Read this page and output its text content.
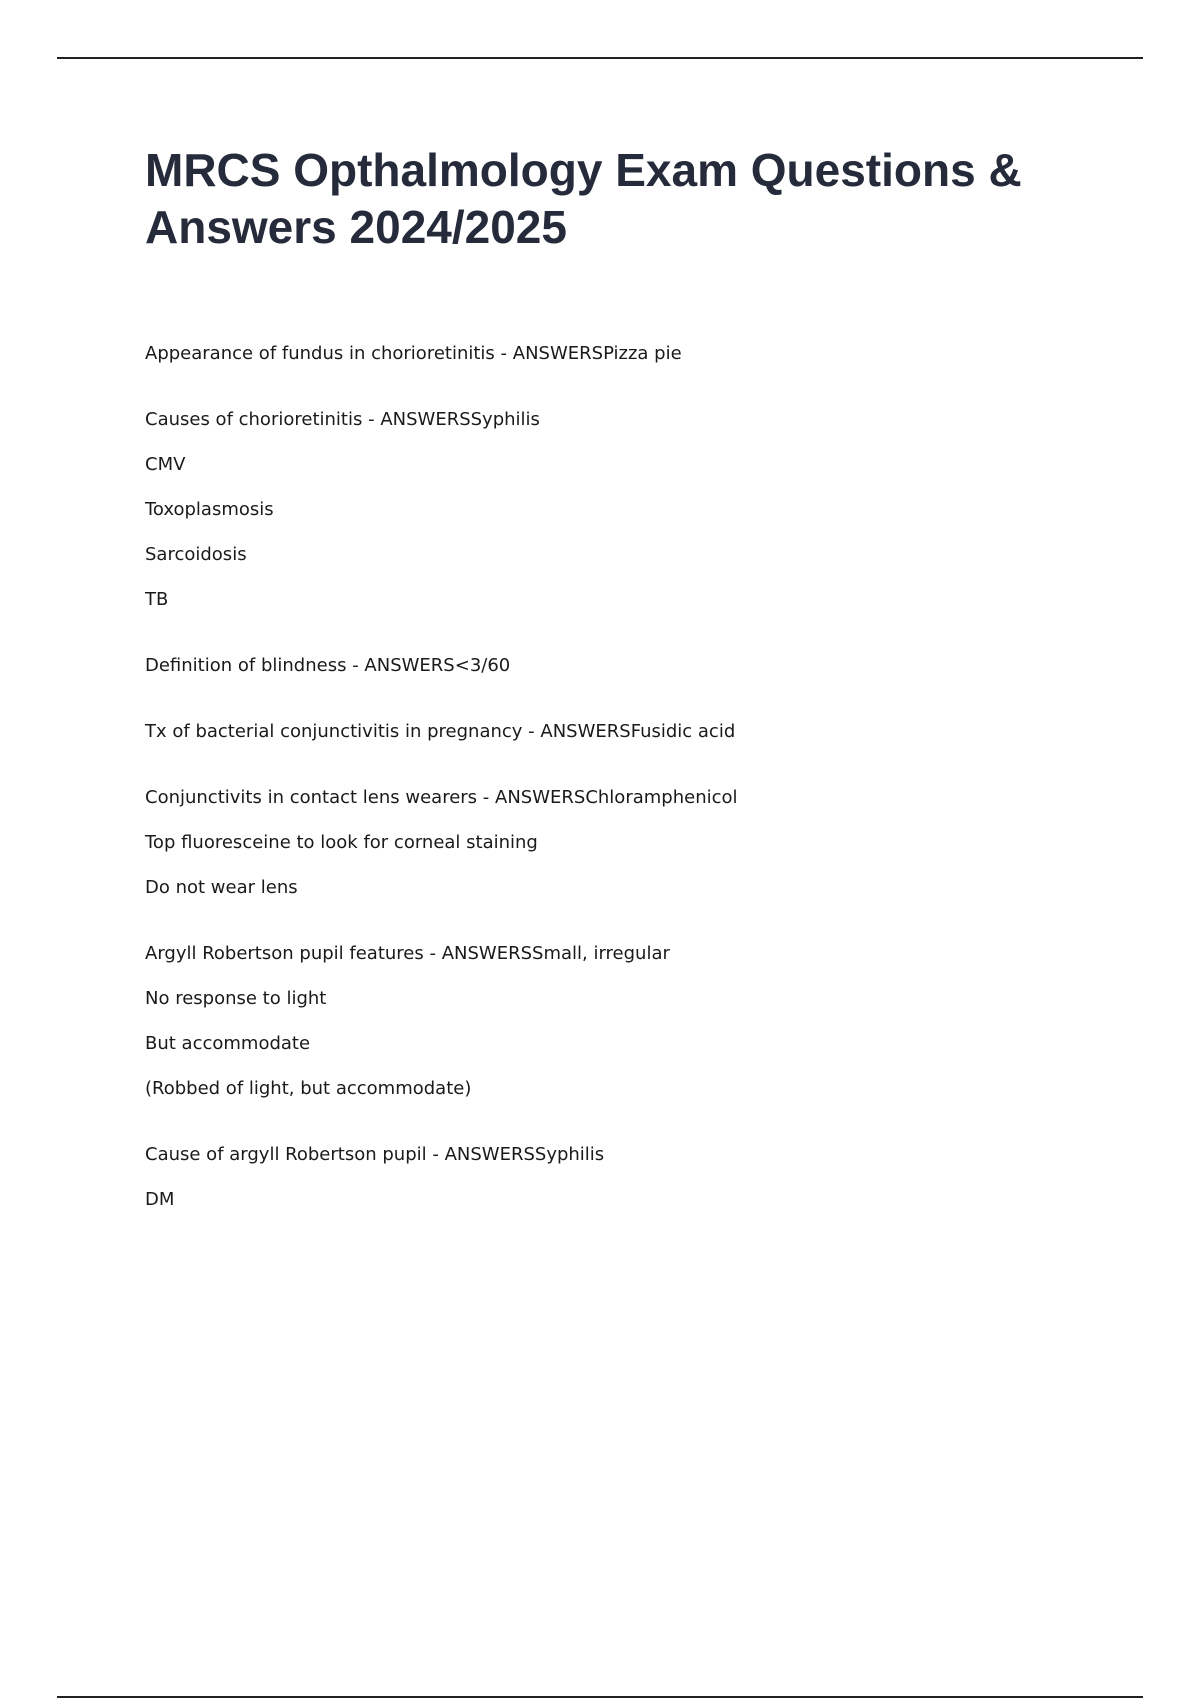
MRCS Opthalmology Exam Questions & Answers 2024/2025
Appearance of fundus in chorioretinitis - ANSWERSPizza pie
Causes of chorioretinitis - ANSWERSSyphilis
CMV
Toxoplasmosis
Sarcoidosis
TB
Definition of blindness - ANSWERS<3/60
Tx of bacterial conjunctivitis in pregnancy - ANSWERSFusidic acid
Conjunctivits in contact lens wearers - ANSWERSChloramphenicol
Top fluoresceine to look for corneal staining
Do not wear lens
Argyll Robertson pupil features - ANSWERSSmall, irregular
No response to light
But accommodate
(Robbed of light, but accommodate)
Cause of argyll Robertson pupil - ANSWERSSyphilis
DM
